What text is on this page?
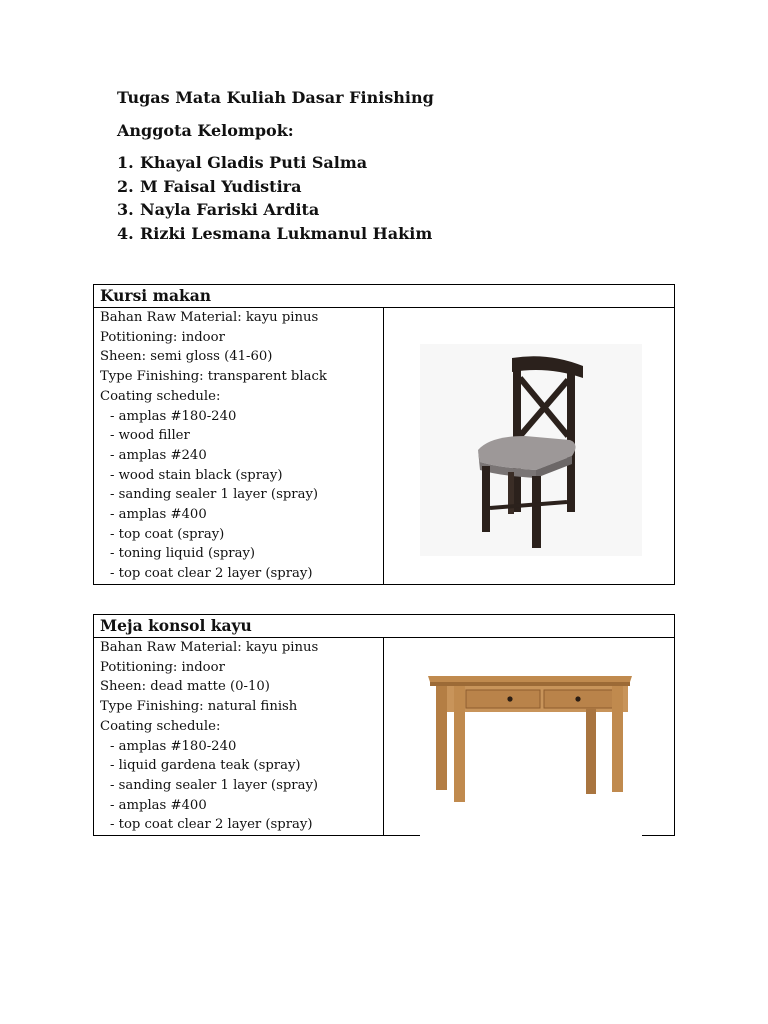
Tugas Mata Kuliah Dasar Finishing

Anggota Kelompok:

1. Khayal Gladis Puti Salma
2. M Faisal Yudistira
3. Nayla Fariski Ardita
4. Rizki Lesmana Lukmanul Hakim
Kursi makan
Bahan Raw Material: kayu pinus
Potitioning: indoor
Sheen: semi gloss (41-60)
Type Finishing: transparent black
Coating schedule:
- amplas #180-240
- wood filler
- amplas #240
- wood stain black (spray)
- sanding sealer 1 layer (spray)
- amplas #400
- top coat (spray)
- toning liquid (spray)
- top coat clear 2 layer (spray)
Meja konsol kayu
Bahan Raw Material: kayu pinus
Potitioning: indoor
Sheen: dead matte (0-10)
Type Finishing: natural finish
Coating schedule:
- amplas #180-240
- liquid gardena teak (spray)
- sanding sealer 1 layer (spray)
- amplas #400
- top coat clear 2 layer (spray)
